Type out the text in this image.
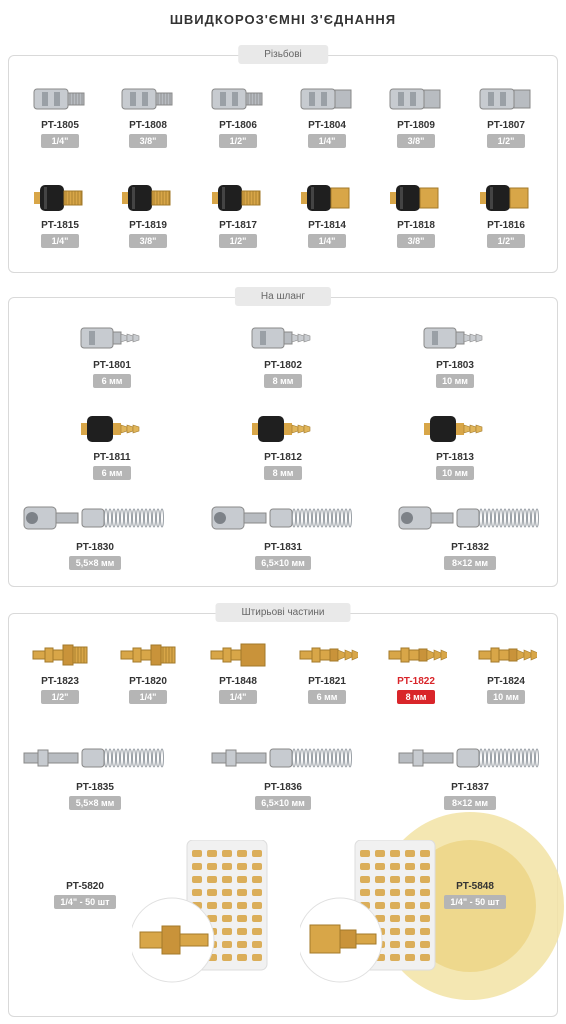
ШВИДКОРОЗ'ЄМНІ З'ЄДНАННЯ
Різьбові
На шланг
Штирьові частини
PT-1805
1/4"
PT-1808
3/8"
PT-1806
1/2"
PT-1804
1/4"
PT-1809
3/8"
PT-1807
1/2"
PT-1815
1/4"
PT-1819
3/8"
PT-1817
1/2"
PT-1814
1/4"
PT-1818
3/8"
PT-1816
1/2"
PT-1801
6 мм
PT-1802
8 мм
PT-1803
10 мм
PT-1811
6 мм
PT-1812
8 мм
PT-1813
10 мм
PT-1830
5,5×8 мм
PT-1831
6,5×10 мм
PT-1832
8×12 мм
PT-1823
1/2"
PT-1820
1/4"
PT-1848
1/4"
PT-1821
6 мм
PT-1822
8 мм
PT-1824
10 мм
PT-1835
5,5×8 мм
PT-1836
6,5×10 мм
PT-1837
8×12 мм
PT-5820
1/4" - 50 шт
PT-5848
1/4" - 50 шт
